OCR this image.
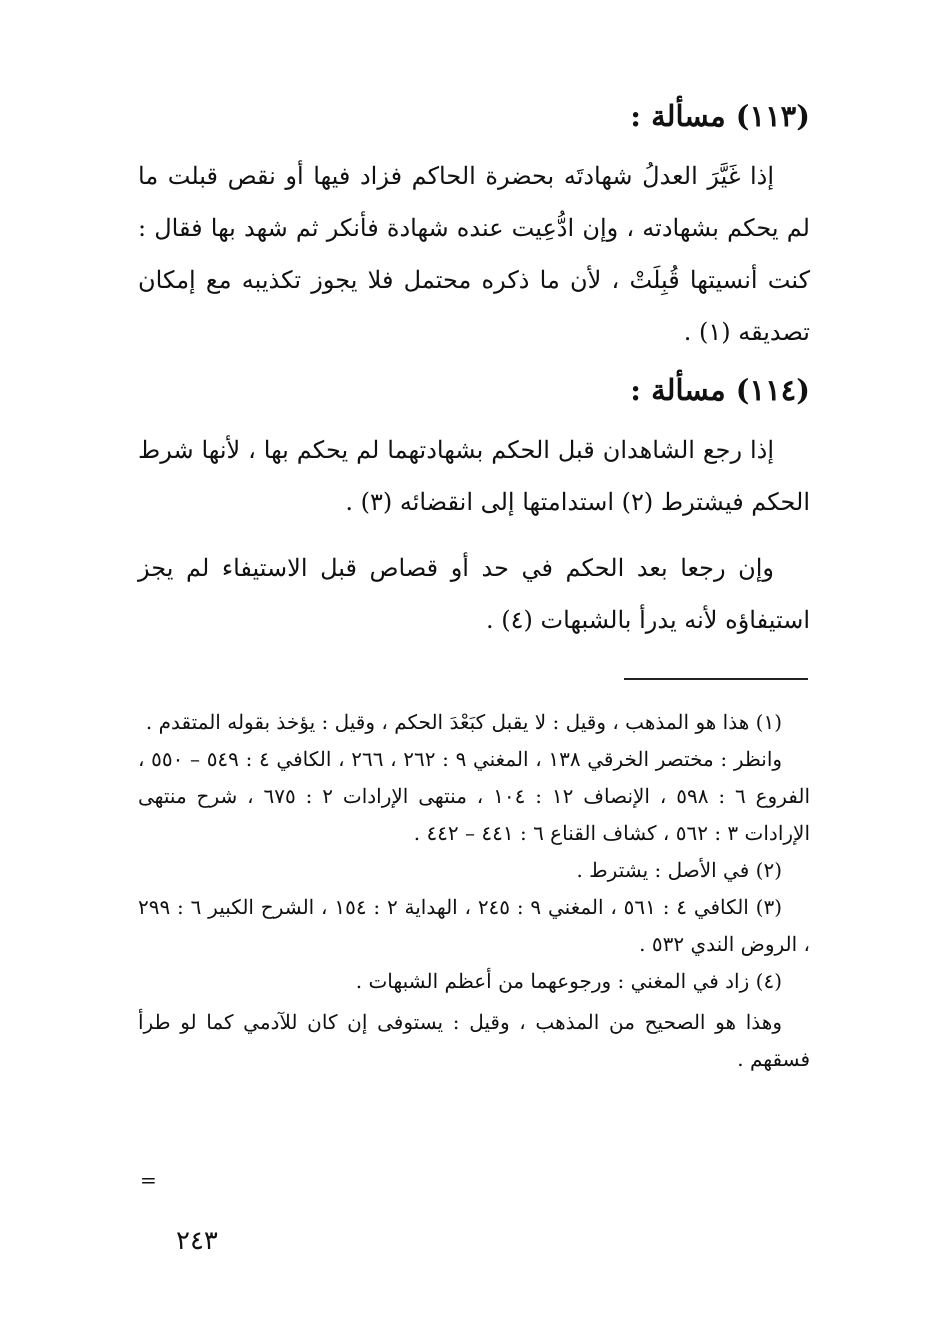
(١١٣) مسألة :

إذا غَيَّرَ العدلُ شهادتَه بحضرة الحاكم فزاد فيها أو نقص قبلت ما لم يحكم بشهادته ، وإن ادُّعِيت عنده شهادة فأنكر ثم شهد بها فقال : كنت أنسيتها قُبِلَتْ ، لأن ما ذكره محتمل فلا يجوز تكذيبه مع إمكان تصديقه (١) .

(١١٤) مسألة :

إذا رجع الشاهدان قبل الحكم بشهادتهما لم يحكم بها ، لأنها شرط الحكم فيشترط (٢) استدامتها إلى انقضائه (٣) .

وإن رجعا بعد الحكم في حد أو قصاص قبل الاستيفاء لم يجز استيفاؤه لأنه يدرأ بالشبهات (٤) .

(١) هذا هو المذهب ، وقيل : لا يقبل كبَعْدَ الحكم ، وقيل : يؤخذ بقوله المتقدم .

وانظر : مختصر الخرقي ١٣٨ ، المغني ٩ : ٢٦٢ ، ٢٦٦ ، الكافي ٤ : ٥٤٩ – ٥٥٠ ، الفروع ٦ : ٥٩٨ ، الإنصاف ١٢ : ١٠٤ ، منتهى الإرادات ٢ : ٦٧٥ ، شرح منتهى الإرادات ٣ : ٥٦٢ ، كشاف القناع ٦ : ٤٤١ – ٤٤٢ .

(٢) في الأصل : يشترط .

(٣) الكافي ٤ : ٥٦١ ، المغني ٩ : ٢٤٥ ، الهداية ٢ : ١٥٤ ، الشرح الكبير ٦ : ٢٩٩ ، الروض الندي ٥٣٢ .

(٤) زاد في المغني : ورجوعهما من أعظم الشبهات .

وهذا هو الصحيح من المذهب ، وقيل : يستوفى إن كان للآدمي كما لو طرأ فسقهم .

=
٢٤٣
